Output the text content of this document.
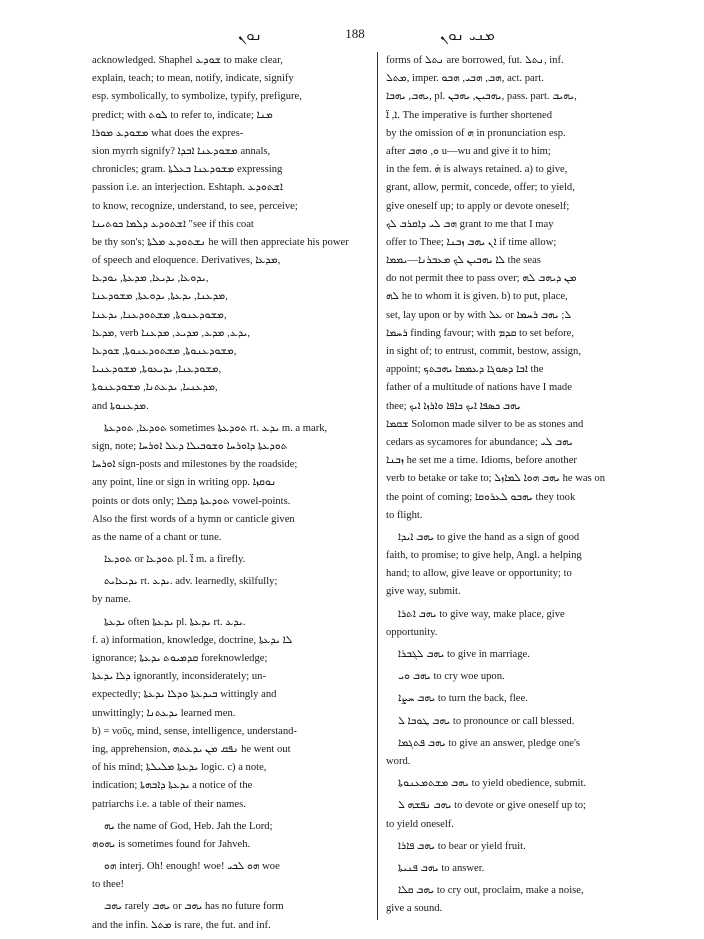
ܢܘܢ	188	ܡܢܝ ܢܘܢ
acknowledged. Shaphel ܫܘܕܥ to make clear,
explain, teach; to mean, notify, indicate, signify
esp. symbolically, to symbolize, typify, prefigure,
predict; with ܠܘܬ to refer to, indicate; ܡܢܐ
ܡܫܘܕܥ ܡܘܪܐ what does the expres-
sion myrrh signify? ܡܫܘܕܥܢܐ ܐܒܕܐ annals,
chronicles; gram. ܡܫܘܕܥܢܐ ܒܥܠܬܐ expressing
passion i.e. an interjection. Eshtaph. ܐܫܬܘܕܥ
to know, recognize, understand, to see, perceive;
ܐܫܬܘܕܥ ܕܠܡܐ ܟܘܬܝܢܐ "see if this coat
be thy son's; ܢܫܬܘܕܥ ܡܠܬܐ he will then appreciate his power
of speech and eloquence. Derivatives, ܡܕܥܐ,
ܝܕܘܥܐ, ܝܕܝܥܐ, ܡܕܥܬܐ, ܝܘܕܥܐ,
ܡܕܥܢܐ, ܝܕܥܬܐ, ܝܕܘܥܬܐ, ܡܫܘܕܥܢܐ,
ܡܫܘܕܥܢܘܬܐ, ܡܫܬܘܕܥܢܐ, ܝܕܥܢܐ,
ܡܕܥܐ, verb ܝܕܥ, ܡܕܥ, ܡܕܝܥ, ܡܕܥܢܐ,
ܡܫܘܕܥܢܘܬܐ, ܡܫܬܘܕܥܢܘܬܐ, ܫܘܕܥܐ,
ܡܫܘܕܥܢܐ, ܝܕܝܥܘܬܐ, ܡܫܘܕܥܢܝܐ,
ܡܕܥܢܝܐ, ܝܕܥܬܢܐ, ܡܫܘܕܥܢܘܬܐ,
and ܡܕܥܢܘܬܐ.
ܬܘܕܥܐ, ܬܘܕܥܬܐ sometimes ܬܘܕܥܬܐ rt. ܝܕܥ m. a mark,
sign, note; ܬܘܕܥܬܐ ܕܐܘܪܚܐ ܘܫܘܒܝܠܐ ܕܥܠ ܐܘܪܚܐ
ܐܘܪܚܐ sign-posts and milestones by the roadside;
any point, line or sign in writing opp. ܢܘܩܙܐ
points or dots only; ܬܘܕܥܬܐ ܕܩܠܐ vowel-points.
Also the first words of a hymn or canticle given
as the name of a chant or tune.
ܬܘܕܥܐ or ܬܘܕܥܐ pl. ܐ̈ m. a firefly.
ܝܕܝܥܐܝܬ rt. ܝܕܥ. adv. learnedly, skilfully;
by name.
ܝܕܥܬܐ often ܝܕܥܬܐ pl. ܝܕܥܬܐ rt. ܝܕܥ.
f. a) information, knowledge, doctrine, ܠܐ ܝܕܥܬܐ
ignorance; ܩܕܡܝܘܬ ܝܕܥܬܐ foreknowledge;
ܕܠܐ ܝܕܥܬܐ ignorantly, inconsiderately; un-
expectedly; ܒܝܕܥܬܐ ܘܕܠܐ ܝܕܥܬܐ wittingly and
unwittingly; ܝܕܥܬܢܐ learned men.
b) = νοῦς, mind, sense, intelligence, understand-
ing, apprehension, ܢܦܩ ܡܢ ܝܕܥܬܗ he went out
of his mind; ܝܕܥܬܐ ܡܠܝܠܬܐ logic. c) a note,
indication; ܝܕܥܬܐ ܕܐܒܗܬܐ a notice of the
patriarchs i.e. a table of their names.
ܝܗ the name of God, Heb. Jah the Lord;
ܝܗܘܗ is sometimes found for Jahveh.
ܗܘ interj. Oh! enough! woe! ܗܘ ܠܟܝ woe
to thee!
ܝܗܒ rarely ܝܗܒ or ܝܗܒ has no future form
and the infin. ܡܬܠ is rare, the fut. and inf.
forms of ܢܬܠ are borrowed, fut. ܢܬܠ, inf.
ܡܬܠ, imper. ܗܒ, ܗܒܝ, ܗܒܘ, act. part.
ܝܗܒ, ܝܗܒܐ, pl. ܝܗܒܝܢ, ܝܗܒܢ, pass. part. ܝܗܝܒ,
ܐ, ܐ̈. The imperative is further shortened
by the omission of ܗ in pronunciation esp.
after ܘ, ܘܗܒ u—wu and give it to him;
in the fem. ܗ̇ is always retained. a) to give,
grant, allow, permit, concede, offer; to yield,
give oneself up; to apply or devote oneself;
ܗܒ ܠܝ ܕܐܩܪܒ ܠܟ grant to me that I may
offer to Thee; ܐܢ ܝܗܒ ܙܒܢܐ if time allow;
ܠܐ ܝܗܒܝܢ ܠܟ ܡܥܒܪܢܐ—ܝܡܡܐ the seas
do not permit thee to pass over; ܡܢ ܕܝܗܒ ܠܗ
ܠܗ he to whom it is given. b) to put, place,
set, lay upon or by with ܥܠ or ܠ; ܝܗܒ ܪܚܡܐ
ܪܚܡܐ finding favour; with ܩܕܡ to set before,
in sight of; to entrust, commit, bestow, assign,
appoint; ܐܒܐ ܕܣܘܓܐ ܕܥܡܡܐ ܝܗܒܬܟ the
father of a multitude of nations have I made
thee; ܝܗܒ ܟܣܦܐ ܐܝܟ ܟܐܦܐ ܘܐܪܙܐ ܐܝܟ
ܫܩܡܐ Solomon made silver to be as stones and
cedars as sycamores for abundance; ܝܗܒ ܠܝ
ܙܒܢܐ he set me a time. Idioms, before another
verb to betake or take to; ܝܗܒ ܗܘܐ ܠܡܐܙܠ he was on
the point of coming; ܝܗܒܘ ܠܥܪܘܩܐ they took
to flight.
ܝܗܒ ܐܝܕܐ to give the hand as a sign of good
faith, to promise; to give help, Angl. a helping
hand; to allow, give leave or opportunity; to
give way, submit.
ܝܗܒ ܐܬܪܐ to give way, make place, give
opportunity.
ܝܗܒ ܠܓܒܪܐ to give in marriage.
ܝܗܒ ܘܝ to cry woe upon.
ܝܗܒ ܚܨܐ to turn the back, flee.
ܝܗܒ ܛܘܒܐ ܠ to pronounce or call blessed.
ܝܗܒ ܦܬܓܡܐ to give an answer, pledge one's
word.
ܝܗܒ ܡܫܬܡܥܢܘܬܐ to yield obedience, submit.
ܝܗܒ ܢܦܫܗ ܠ to devote or give oneself up to;
to yield oneself.
ܝܗܒ ܦܐܪܐ to bear or yield fruit.
ܝܗܒ ܦܢܝܬܐ to answer.
ܝܗܒ ܩܠܐ to cry out, proclaim, make a noise,
give a sound.
